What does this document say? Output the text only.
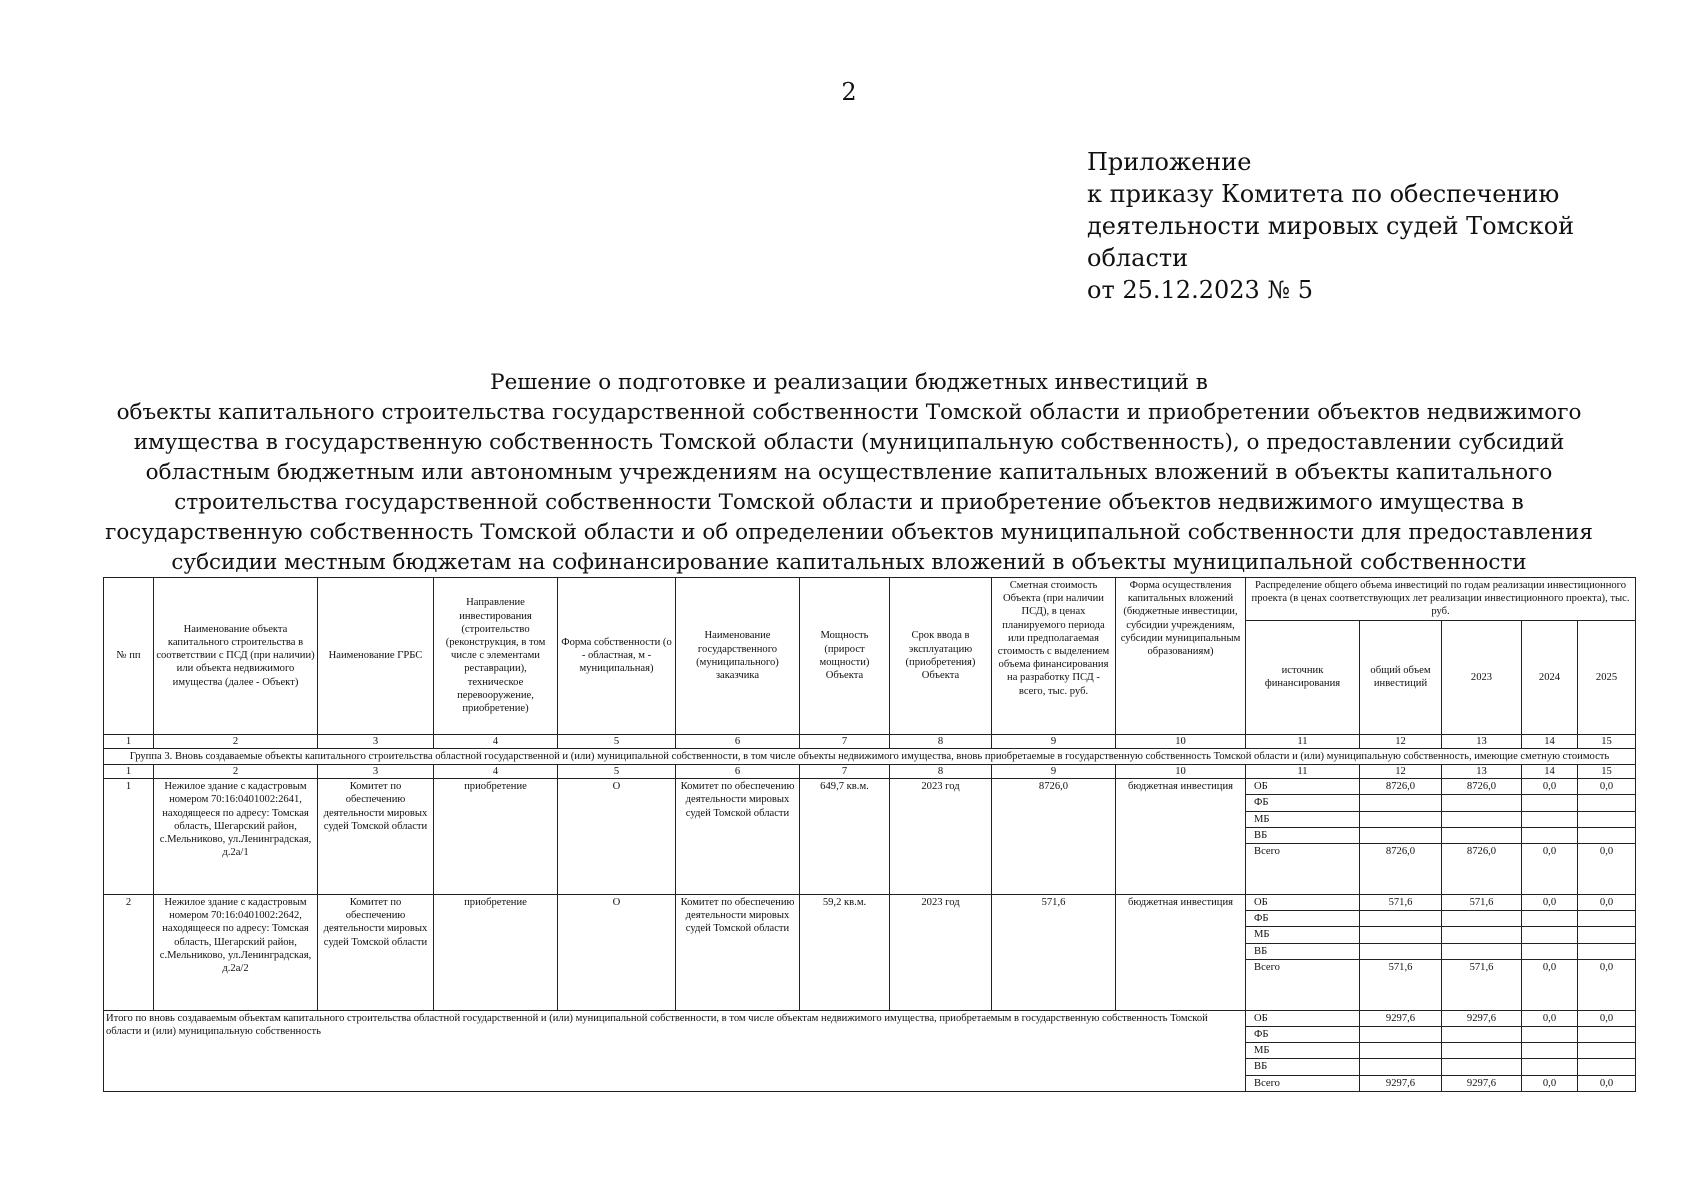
2
Приложение
к приказу Комитета по обеспечению
деятельности мировых судей Томской
области
от 25.12.2023 № 5
Решение о подготовке и реализации бюджетных инвестиций в
объекты капитального строительства государственной собственности Томской области и приобретении объектов недвижимого
имущества в государственную собственность Томской области (муниципальную собственность), о предоставлении субсидий
областным бюджетным или автономным учреждениям на осуществление капитальных вложений в объекты капитального
строительства государственной собственности Томской области и приобретение объектов недвижимого имущества в
государственную собственность Томской области и об определении объектов муниципальной собственности для предоставления
субсидии местным бюджетам на софинансирование капитальных вложений в объекты муниципальной собственности
№ пп	Наименование объекта капитального строительства в соответствии с ПСД (при наличии) или объекта недвижимого имущества (далее - Объект)	Наименование ГРБС	Направление инвестирования (строительство (реконструкция, в том числе с элементами реставрации), техническое перевооружение, приобретение)	Форма собственности (о - областная, м - муниципальная)	Наименование государственного (муниципального) заказчика	Мощность (прирост мощности) Объекта	Срок ввода в эксплуатацию (приобретения) Объекта	Сметная стоимость Объекта (при наличии ПСД), в ценах планируемого периода или предполагаемая стоимость с выделением объема финансирования на разработку ПСД - всего, тыс. руб.	Форма осуществления капитальных вложений (бюджетные инвестиции, субсидии учреждениям, субсидии муниципальным образованиям)	Распределение общего объема инвестиций по годам реализации инвестиционного проекта (в ценах соответствующих лет реализации инвестиционного проекта), тыс. руб.				
										источник финансирования	общий объем инвестиций	2023	2024	2025
1	2	3	4	5	6	7	8	9	10	11	12	13	14	15
Группа 3. Вновь создаваемые объекты капитального строительства областной государственной и (или) муниципальной собственности, в том числе объекты недвижимого имущества, вновь приобретаемые в государственную собственность Томской области и (или) муниципальную собственность, имеющие сметную стоимость														
1	2	3	4	5	6	7	8	9	10	11	12	13	14	15
1	Нежилое здание с кадастровым номером 70:16:0401002:2641, находящееся по адресу: Томская область, Шегарский район, с.Мельниково, ул.Ленинградская, д.2а/1	Комитет по обеспечению деятельности мировых судей Томской области	приобретение	О	Комитет по обеспечению деятельности мировых судей Томской области	649,7 кв.м.	2023 год	8726,0	бюджетная инвестиция	ОБ	8726,0	8726,0	0,0	0,0
										ФБ				
										МБ				
										ВБ				
										Всего	8726,0	8726,0	0,0	0,0
2	Нежилое здание с кадастровым номером 70:16:0401002:2642, находящееся по адресу: Томская область, Шегарский район, с.Мельниково, ул.Ленинградская, д.2а/2	Комитет по обеспечению деятельности мировых судей Томской области	приобретение	О	Комитет по обеспечению деятельности мировых судей Томской области	59,2 кв.м.	2023 год	571,6	бюджетная инвестиция	ОБ	571,6	571,6	0,0	0,0
										ФБ				
										МБ				
										ВБ				
										Всего	571,6	571,6	0,0	0,0
Итого по вновь создаваемым объектам капитального строительства областной государственной и (или) муниципальной собственности, в том числе объектам недвижимого имущества, приобретаемым в государственную собственность Томской области и (или) муниципальную собственность										ОБ	9297,6	9297,6	0,0	0,0
										ФБ				
										МБ				
										ВБ				
										Всего	9297,6	9297,6	0,0	0,0
